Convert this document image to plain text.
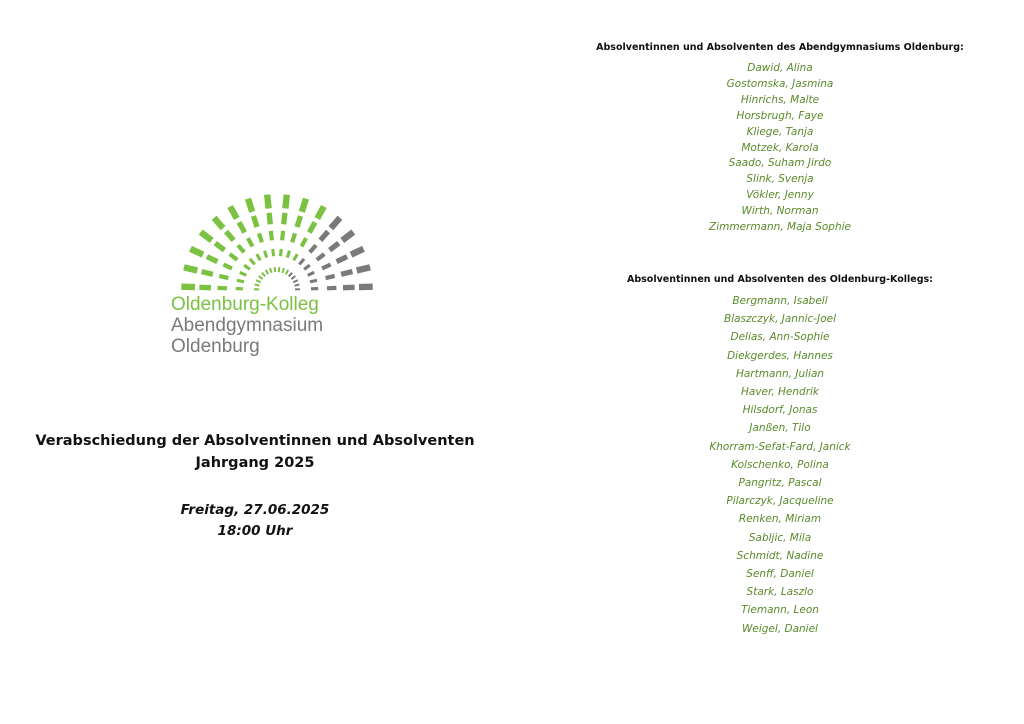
Oldenburg-Kolleg
Abendgymnasium
Oldenburg
Verabschiedung der Absolventinnen und Absolventen
Jahrgang 2025
Freitag, 27.06.2025
18:00 Uhr
Absolventinnen und Absolventen des Abendgymnasiums Oldenburg:
Dawid, Alina
Gostomska, Jasmina
Hinrichs, Malte
Horsbrugh, Faye
Kliege, Tanja
Motzek, Karola
Saado, Suham Jirdo
Slink, Svenja
Vökler, Jenny
Wirth, Norman
Zimmermann, Maja Sophie
Absolventinnen und Absolventen des Oldenburg-Kollegs:
Bergmann, Isabell
Blaszczyk, Jannic-Joel
Delias, Ann-Sophie
Diekgerdes, Hannes
Hartmann, Julian
Haver, Hendrik
Hilsdorf, Jonas
Janßen, Tilo
Khorram-Sefat-Fard, Janick
Kolschenko, Polina
Pangritz, Pascal
Pilarczyk, Jacqueline
Renken, Miriam
Sabljic, Mila
Schmidt, Nadine
Senff, Daniel
Stark, Laszlo
Tiemann, Leon
Weigel, Daniel
